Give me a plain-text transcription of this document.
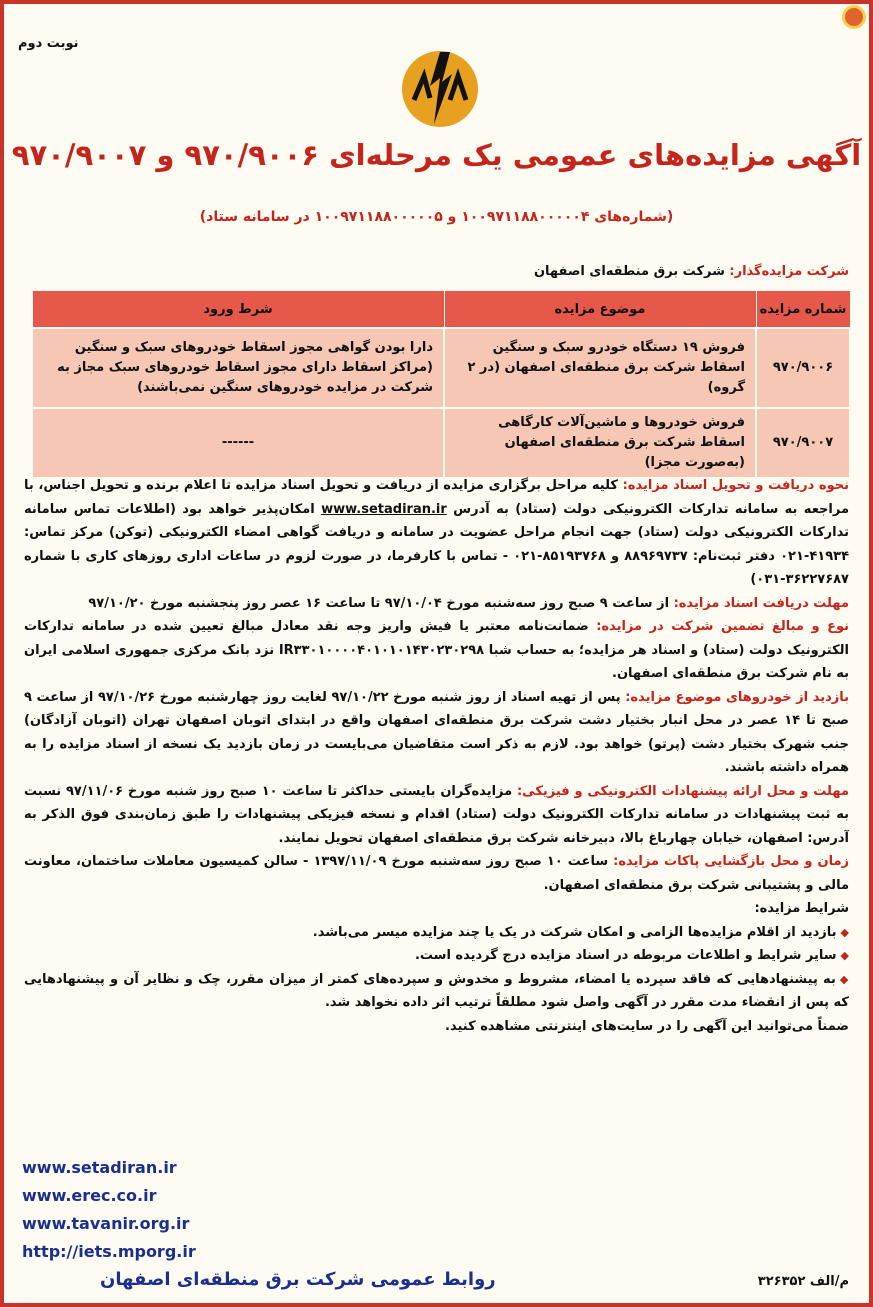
نوبت دوم
آگهی مزایده‌های عمومی یک مرحله‌ای ۹۷۰/۹۰۰۶ و ۹۷۰/۹۰۰۷
(شماره‌های ۱۰۰۹۷۱۱۸۸۰۰۰۰۰۴ و ۱۰۰۹۷۱۱۸۸۰۰۰۰۰۵ در سامانه ستاد)
شرکت مزایده‌گذار: شرکت برق منطقه‌ای اصفهان
شماره مزایده	موضوع مزایده	شرط ورود
۹۷۰/۹۰۰۶	فروش ۱۹ دستگاه خودرو سبک و سنگین اسقاط شرکت برق منطقه‌ای اصفهان (در ۲ گروه)	دارا بودن گواهی مجوز اسقاط خودروهای سبک و سنگین (مراکز اسقاط دارای مجوز اسقاط خودروهای سبک مجاز به شرکت در مزایده خودروهای سنگین نمی‌باشند)
۹۷۰/۹۰۰۷	فروش خودروها و ماشین‌آلات کارگاهی اسقاط شرکت برق منطقه‌ای اصفهان (به‌صورت مجزا)	------

نحوه دریافت و تحویل اسناد مزایده: کلیه مراحل برگزاری مزایده از دریافت و تحویل اسناد مزایده تا اعلام برنده و تحویل اجناس، با مراجعه به سامانه تدارکات الکترونیکی دولت (ستاد) به آدرس www.setadiran.ir امکان‌پذیر خواهد بود (اطلاعات تماس سامانه تدارکات الکترونیکی دولت (ستاد) جهت انجام مراحل عضویت در سامانه و دریافت گواهی امضاء الکترونیکی (توکن) مرکز تماس: ۴۱۹۳۴-۰۲۱ دفتر ثبت‌نام: ۸۸۹۶۹۷۳۷ و ۸۵۱۹۳۷۶۸-۰۲۱ - تماس با کارفرما، در صورت لزوم در ساعات اداری روزهای کاری با شماره ۳۶۲۲۷۶۸۷-۰۳۱)

مهلت دریافت اسناد مزایده: از ساعت ۹ صبح روز سه‌شنبه مورخ ۹۷/۱۰/۰۴ تا ساعت ۱۶ عصر روز پنجشنبه مورخ ۹۷/۱۰/۲۰

نوع و مبالغ تضمین شرکت در مزایده: ضمانت‌نامه معتبر یا فیش واریز وجه نقد معادل مبالغ تعیین شده در سامانه تدارکات الکترونیک دولت (ستاد) و اسناد هر مزایده؛ به حساب شبا IR۳۳۰۱۰۰۰۰۴۰۱۰۱۰۱۴۳۰۲۳۰۲۹۸ نزد بانک مرکزی جمهوری اسلامی ایران به نام شرکت برق منطقه‌ای اصفهان.

بازدید از خودروهای موضوع مزایده: پس از تهیه اسناد از روز شنبه مورخ ۹۷/۱۰/۲۲ لغایت روز چهارشنبه مورخ ۹۷/۱۰/۲۶ از ساعت ۹ صبح تا ۱۴ عصر در محل انبار بختیار دشت شرکت برق منطقه‌ای اصفهان واقع در ابتدای اتوبان اصفهان تهران (اتوبان آزادگان) جنب شهرک بختیار دشت (پرتو) خواهد بود. لازم به ذکر است متقاضیان می‌بایست در زمان بازدید یک نسخه از اسناد مزایده را به همراه داشته باشند.

مهلت و محل ارائه پیشنهادات الکترونیکی و فیزیکی: مزایده‌گران بایستی حداکثر تا ساعت ۱۰ صبح روز شنبه مورخ ۹۷/۱۱/۰۶ نسبت به ثبت پیشنهادات در سامانه تدارکات الکترونیک دولت (ستاد) اقدام و نسخه فیزیکی پیشنهادات را طبق زمان‌بندی فوق الذکر به آدرس: اصفهان، خیابان چهارباغ بالا، دبیرخانه شرکت برق منطقه‌ای اصفهان تحویل نمایند.

زمان و محل بازگشایی پاکات مزایده: ساعت ۱۰ صبح روز سه‌شنبه مورخ ۱۳۹۷/۱۱/۰۹ - سالن کمیسیون معاملات ساختمان، معاونت مالی و پشتیبانی شرکت برق منطقه‌ای اصفهان.

شرایط مزایده:

◆بازدید از اقلام مزایده‌ها الزامی و امکان شرکت در یک یا چند مزایده میسر می‌باشد.

◆سایر شرایط و اطلاعات مربوطه در اسناد مزایده درج گردیده است.

◆به پیشنهادهایی که فاقد سپرده یا امضاء، مشروط و مخدوش و سپرده‌های کمتر از میزان مقرر، چک و نظایر آن و پیشنهادهایی که پس از انقضاء مدت مقرر در آگهی واصل شود مطلقاً ترتیب اثر داده نخواهد شد.

ضمناً می‌توانید این آگهی را در سایت‌های اینترنتی مشاهده کنید.

www.setadiran.ir
www.erec.co.ir
www.tavanir.org.ir
http://iets.mporg.ir
روابط عمومی شرکت برق منطقه‌ای اصفهان	م/الف ۳۲۶۳۵۲
